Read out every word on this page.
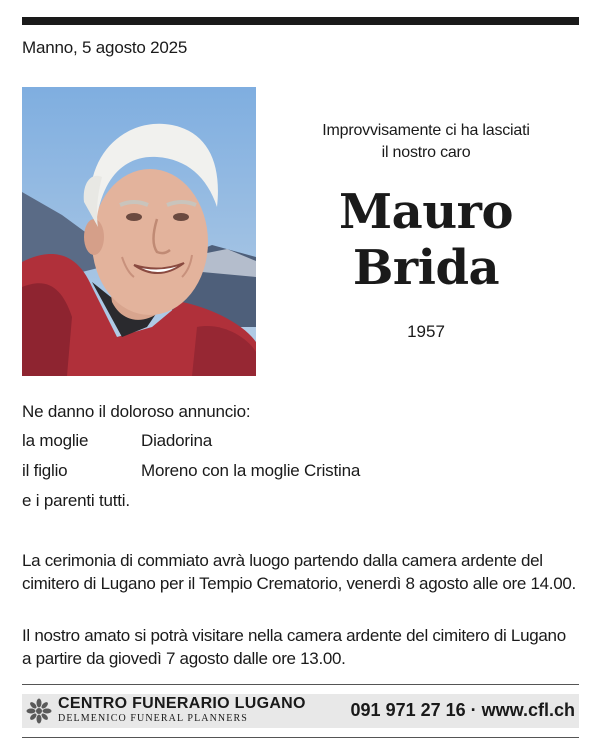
Manno, 5 agosto 2025
Improvvisamente ci ha lasciati
il nostro caro
Mauro
Brida
1957
Ne danno il doloroso annuncio:
la moglie	Diadorina
il figlio	Moreno con la moglie Cristina
e i parenti tutti.
La cerimonia di commiato avrà luogo partendo dalla camera ardente del cimitero di Lugano per il Tempio Crematorio, venerdì 8 agosto alle ore 14.00.
Il nostro amato si potrà visitare nella camera ardente del cimitero di Lugano a partire da giovedì 7 agosto dalle ore 13.00.
CENTRO FUNERARIO LUGANO
DELMENICO FUNERAL PLANNERS	091 971 27 16 · www.cfl.ch
